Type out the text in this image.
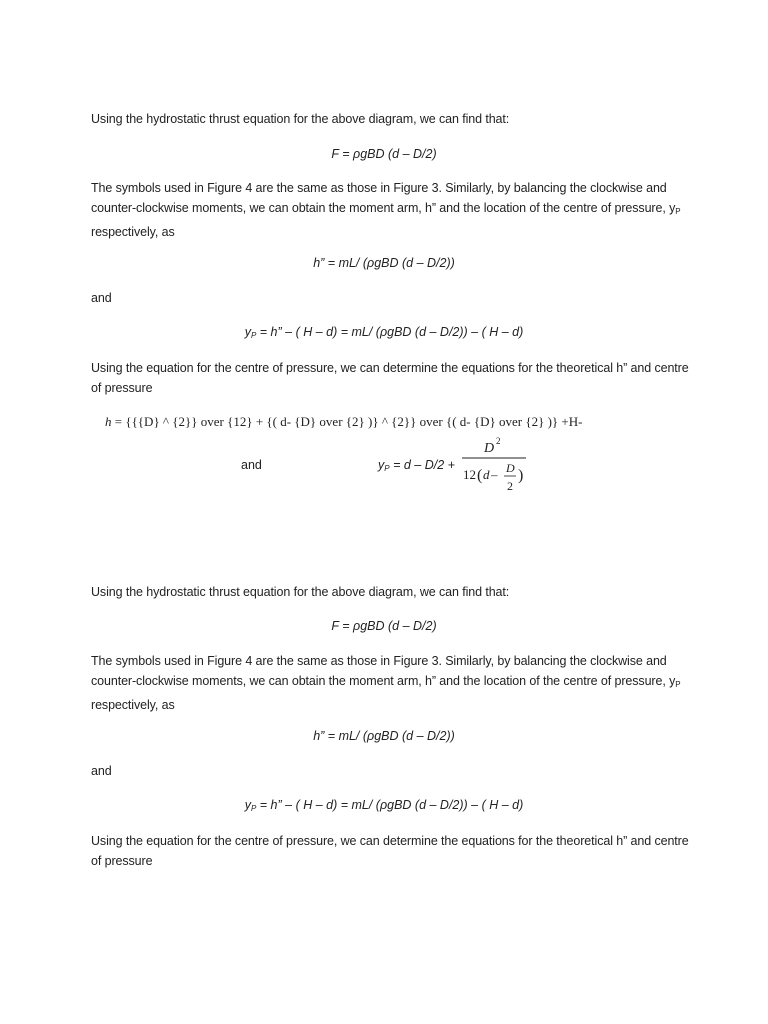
Using the hydrostatic thrust equation for the above diagram, we can find that:
F = ρgBD (d – D/2)
The symbols used in Figure 4 are the same as those in Figure 3. Similarly, by balancing the clockwise and counter-clockwise moments, we can obtain the moment arm, h” and the location of the centre of pressure, $y_P$ respectively, as
h” = mL/ (ρgBD (d – D/2))
and
$y_P = h$” – ( H – d) = mL/ (ρgBD (d – D/2)) – ( H – d)
Using the equation for the centre of pressure, we can determine the equations for the theoretical h” and centre of pressure
h = {{{D} ^ {2}} over {12} + {( d- {D} over {2} )} ^ {2}} over {( d- {D} over {2} )} +H-
and	$y_P = d - D/2$ +
D 2
12 ( d – D
2
)
Using the hydrostatic thrust equation for the above diagram, we can find that:
F = ρgBD (d – D/2)
The symbols used in Figure 4 are the same as those in Figure 3. Similarly, by balancing the clockwise and counter-clockwise moments, we can obtain the moment arm, h” and the location of the centre of pressure, $y_P$ respectively, as
h” = mL/ (ρgBD (d – D/2))
and
$y_P = h$” – ( H – d) = mL/ (ρgBD (d – D/2)) – ( H – d)
Using the equation for the centre of pressure, we can determine the equations for the theoretical h” and centre of pressure
